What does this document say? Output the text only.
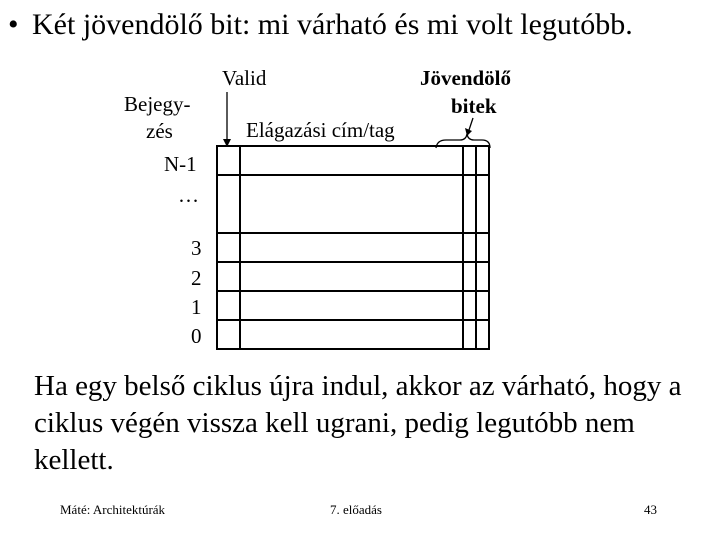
• Két jövendölő bit: mi várható és mi volt legutóbb.
Valid
Bejegy-
zés	Elágazási cím/tag
Jövendölő
bitek
N-1
…
3
2
1
0
Ha egy belső ciklus újra indul, akkor az várható, hogy a ciklus végén vissza kell ugrani, pedig legutóbb nem kellett.
Máté: Architektúrák	7. előadás	43
